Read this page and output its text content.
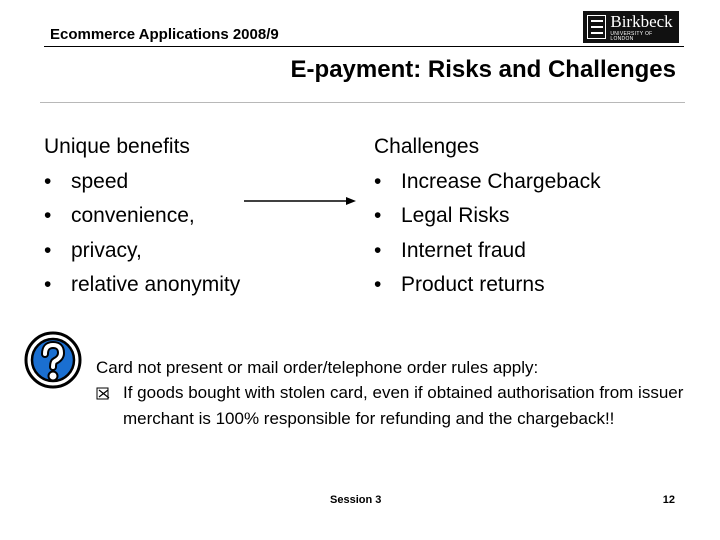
Ecommerce Applications 2008/9
Birkbeck
UNIVERSITY OF LONDON
E-payment: Risks and Challenges
Unique benefits
• speed
• convenience,
• privacy,
• relative anonymity
Challenges
• Increase Chargeback
• Legal Risks
• Internet fraud
• Product returns
Card not present or mail order/telephone order rules apply:
If goods bought with stolen card, even if obtained authorisation from issuer merchant is 100% responsible for refunding and the chargeback!!
Session 3	12
